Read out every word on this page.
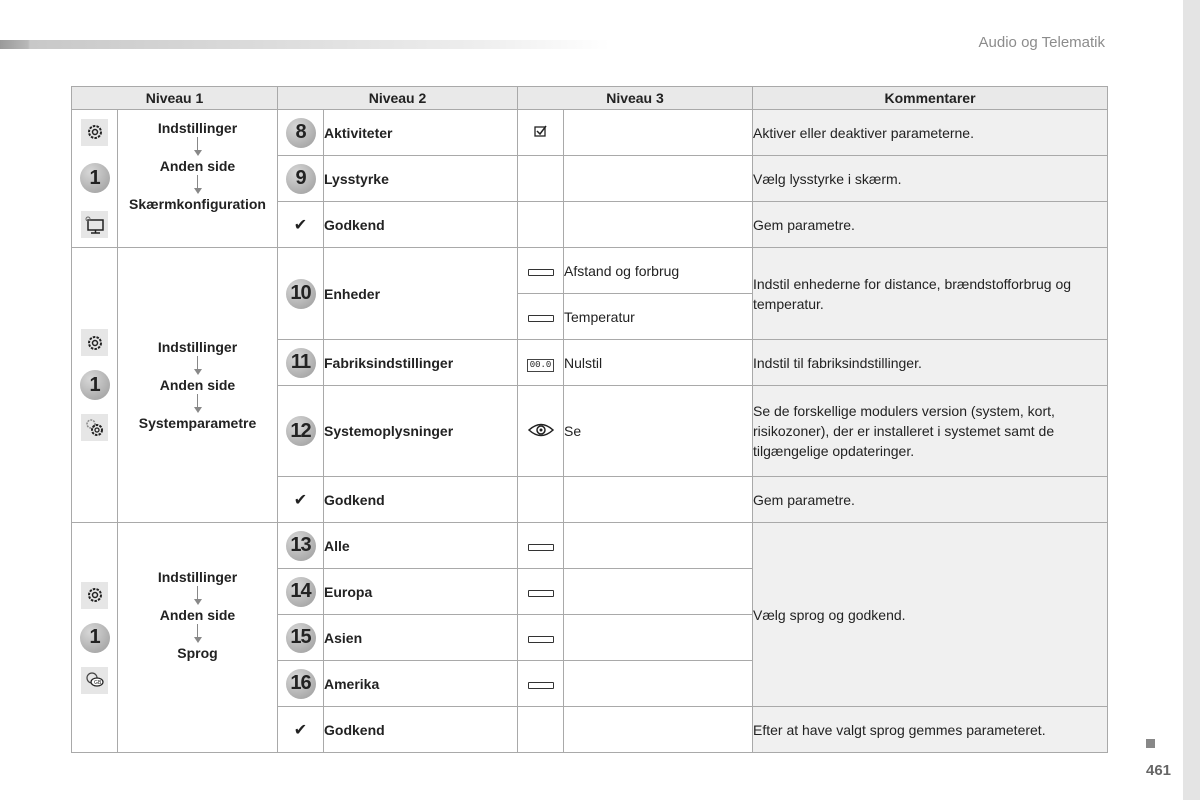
Audio og Telematik
Niveau 1		Niveau 2		Niveau 3		Kommentarer

1	Indstillinger
Anden side
Skærmkonfiguration	8	Aktiviteter			Aktiver eller deaktiver parameterne.
		9	Lysstyrke			Vælg lysstyrke i skærm.
		✔	Godkend			Gem parametre.

1	Indstillinger
Anden side
Systemparametre	10	Enheder		Afstand og forbrug	Indstil enhederne for distance, brændstofforbrug og temperatur.
					Temperatur	
		11	Fabriksindstillinger	00.0	Nulstil	Indstil til fabriksindstillinger.
		12	Systemoplysninger		Se	Se de forskellige modulers version (system, kort, risikozoner), der er installeret i systemet samt de tilgængelige opdateringer.
		✔	Godkend			Gem parametre.

1
GB	Indstillinger
Anden side
Sprog	13	Alle			Vælg sprog og godkend.
		14	Europa			
		15	Asien			
		16	Amerika			
		✔	Godkend			Efter at have valgt sprog gemmes parameteret.
461
